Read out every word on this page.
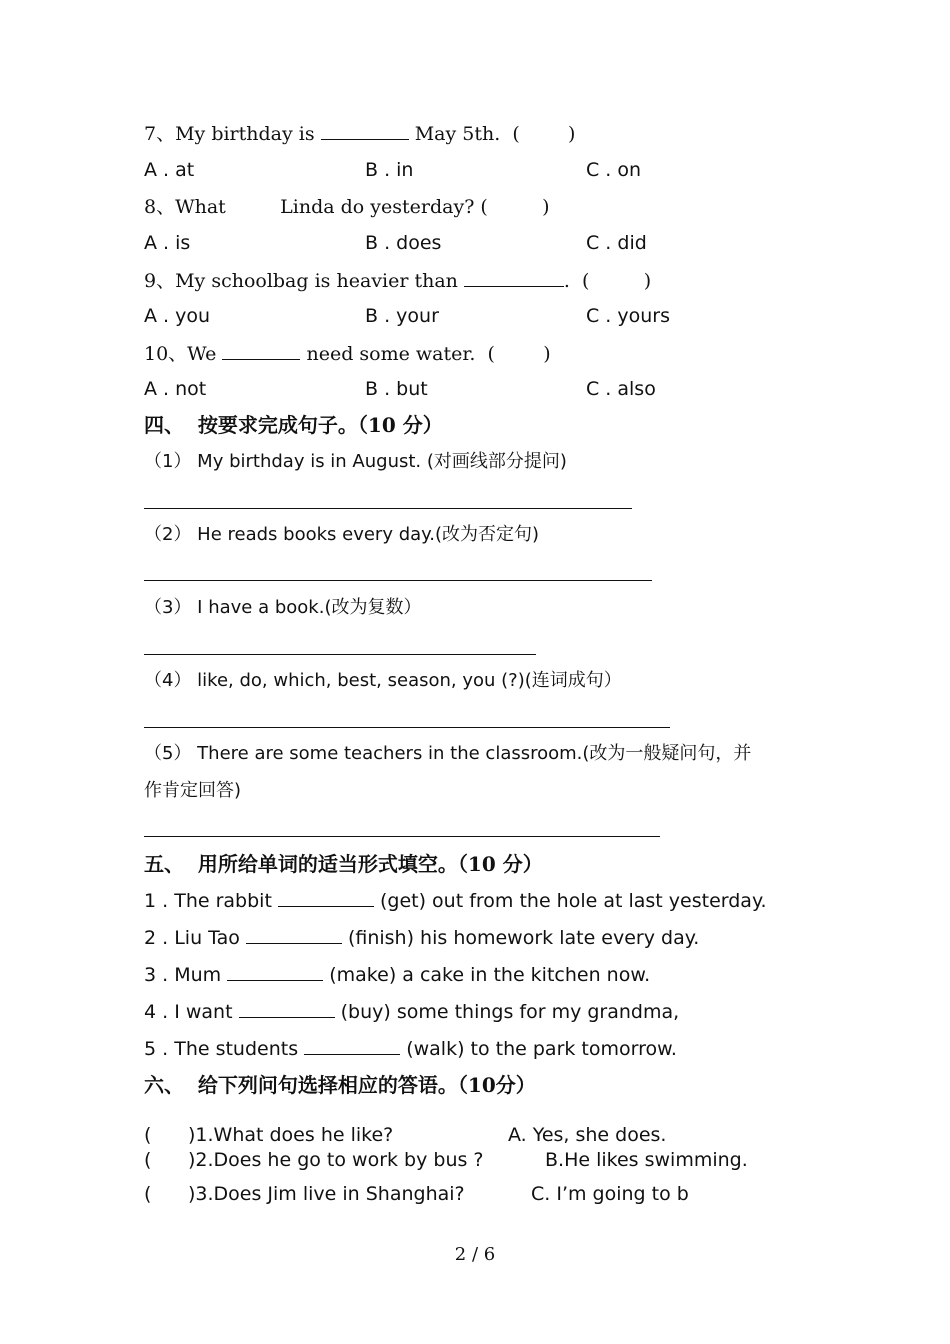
7、My birthday is	May 5th.  (        )
A . at	B . in	C . on
8、What         Linda do yesterday? (         )
A . is	B . does	C . did
9、My schoolbag is heavier than	.  (         )
A . you	B . your	C . yours
10、We	need some water.  (        )
A . not	B . but	C . also
四、  按要求完成句子。（10 分）
（1） My birthday is in August. (对画线部分提问)
（2） He reads books every day.(改为否定句)
（3） I have a book.(改为复数）
（4） like, do, which, best, season, you (?)(连词成句）
（5） There are some teachers in the classroom.(改为一般疑问句，并
作肯定回答)
五、  用所给单词的适当形式填空。（10 分）
1 . The rabbit	(get) out from the hole at last yesterday.
2 . Liu Tao	(finish) his homework late every day.
3 . Mum	(make) a cake in the kitchen now.
4 . I want	(buy) some things for my grandma,
5 . The students	(walk) to the park tomorrow.
六、  给下列问句选择相应的答语。（10分）
( )1.What does he like?	A. Yes, she does.
( )2.Does he go to work by bus ?	B.He likes swimming.
( )3.Does Jim live in Shanghai?	C. I’m going to b
2 / 6
